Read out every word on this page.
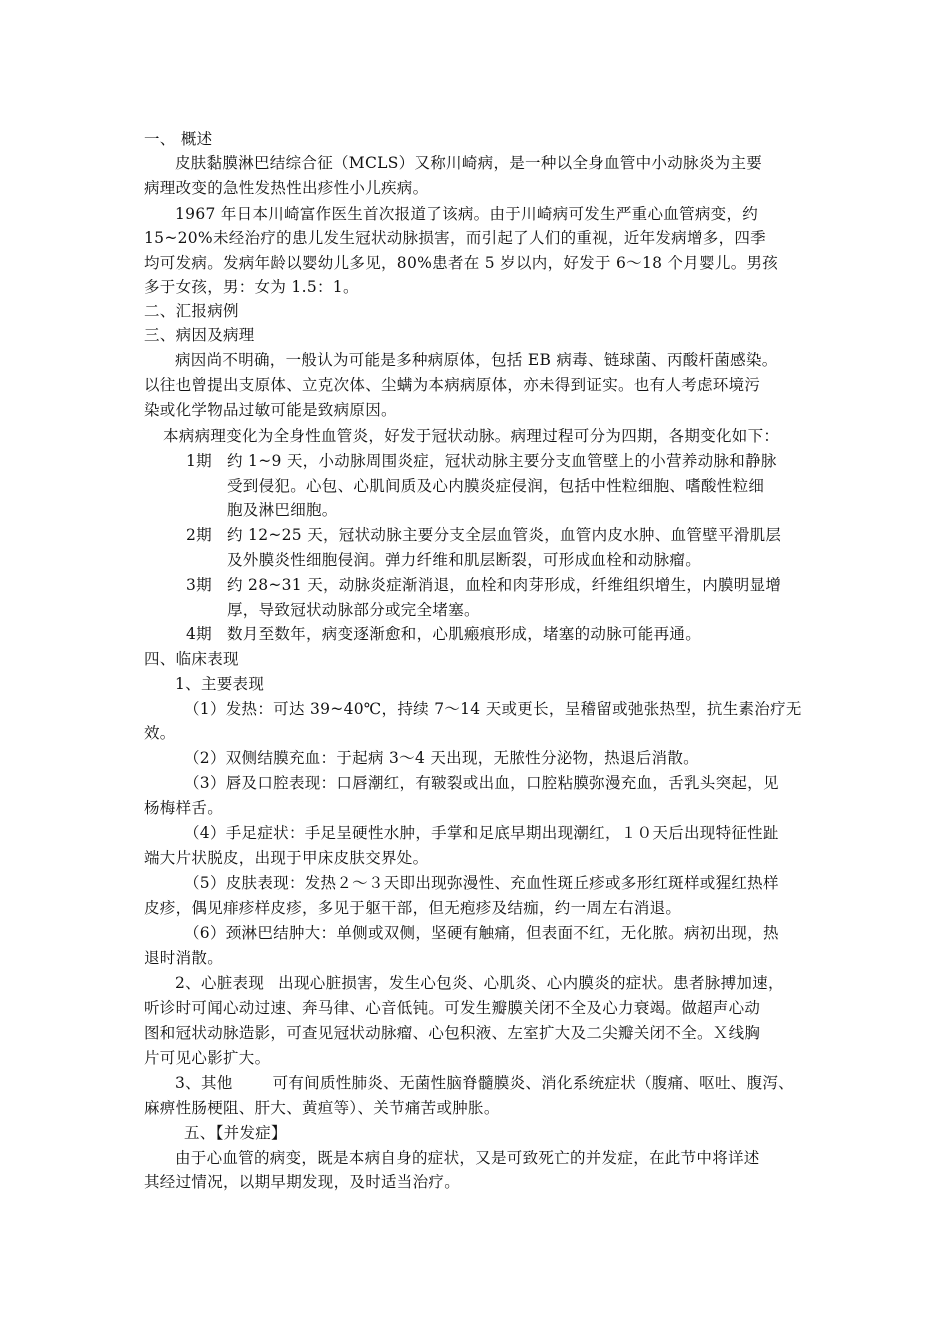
一、 概述
皮肤黏膜淋巴结综合征（MCLS）又称川崎病，是一种以全身血管中小动脉炎为主要
病理改变的急性发热性出疹性小儿疾病。
1967 年日本川崎富作医生首次报道了该病。由于川崎病可发生严重心血管病变，约
15~20%未经治疗的患儿发生冠状动脉损害，而引起了人们的重视，近年发病增多，四季
均可发病。发病年龄以婴幼儿多见，80%患者在 5 岁以内，好发于 6～18 个月婴儿。男孩
多于女孩，男：女为 1.5：1。
二、汇报病例
三、病因及病理
病因尚不明确，一般认为可能是多种病原体，包括 EB 病毒、链球菌、丙酸杆菌感染。
以往也曾提出支原体、立克次体、尘螨为本病病原体，亦未得到证实。也有人考虑环境污
染或化学物品过敏可能是致病原因。
本病病理变化为全身性血管炎，好发于冠状动脉。病理过程可分为四期，各期变化如下：
1期 约 1~9 天，小动脉周围炎症，冠状动脉主要分支血管壁上的小营养动脉和静脉
受到侵犯。心包、心肌间质及心内膜炎症侵润，包括中性粒细胞、嗜酸性粒细
胞及淋巴细胞。
2期 约 12~25 天，冠状动脉主要分支全层血管炎，血管内皮水肿、血管壁平滑肌层
及外膜炎性细胞侵润。弹力纤维和肌层断裂，可形成血栓和动脉瘤。
3期 约 28~31 天，动脉炎症渐消退，血栓和肉芽形成，纤维组织增生，内膜明显增
厚，导致冠状动脉部分或完全堵塞。
4期 数月至数年，病变逐渐愈和，心肌瘢痕形成，堵塞的动脉可能再通。
四、临床表现
1、主要表现
（1）发热：可达 39~40℃，持续 7～14 天或更长，呈稽留或弛张热型，抗生素治疗无
效。
（2）双侧结膜充血：于起病 3～4 天出现，无脓性分泌物，热退后消散。
（3）唇及口腔表现：口唇潮红，有皲裂或出血，口腔粘膜弥漫充血，舌乳头突起，见
杨梅样舌。
（4）手足症状：手足呈硬性水肿，手掌和足底早期出现潮红，１０天后出现特征性趾
端大片状脱皮，出现于甲床皮肤交界处。
（5）皮肤表现：发热２～３天即出现弥漫性、充血性斑丘疹或多形红斑样或猩红热样
皮疹，偶见痱疹样皮疹，多见于躯干部，但无疱疹及结痂，约一周左右消退。
（6）颈淋巴结肿大：单侧或双侧，坚硬有触痛，但表面不红，无化脓。病初出现，热
退时消散。
2、心脏表现 出现心脏损害，发生心包炎、心肌炎、心内膜炎的症状。患者脉搏加速，
听诊时可闻心动过速、奔马律、心音低钝。可发生瓣膜关闭不全及心力衰竭。做超声心动
图和冠状动脉造影，可查见冠状动脉瘤、心包积液、左室扩大及二尖瓣关闭不全。Ｘ线胸
片可见心影扩大。
3、其他	可有间质性肺炎、无菌性脑脊髓膜炎、消化系统症状（腹痛、呕吐、腹泻、
麻痹性肠梗阻、肝大、黄疸等）、关节痛苦或肿胀。
五、【并发症】
由于心血管的病变，既是本病自身的症状，又是可致死亡的并发症，在此节中将详述
其经过情况，以期早期发现，及时适当治疗。
